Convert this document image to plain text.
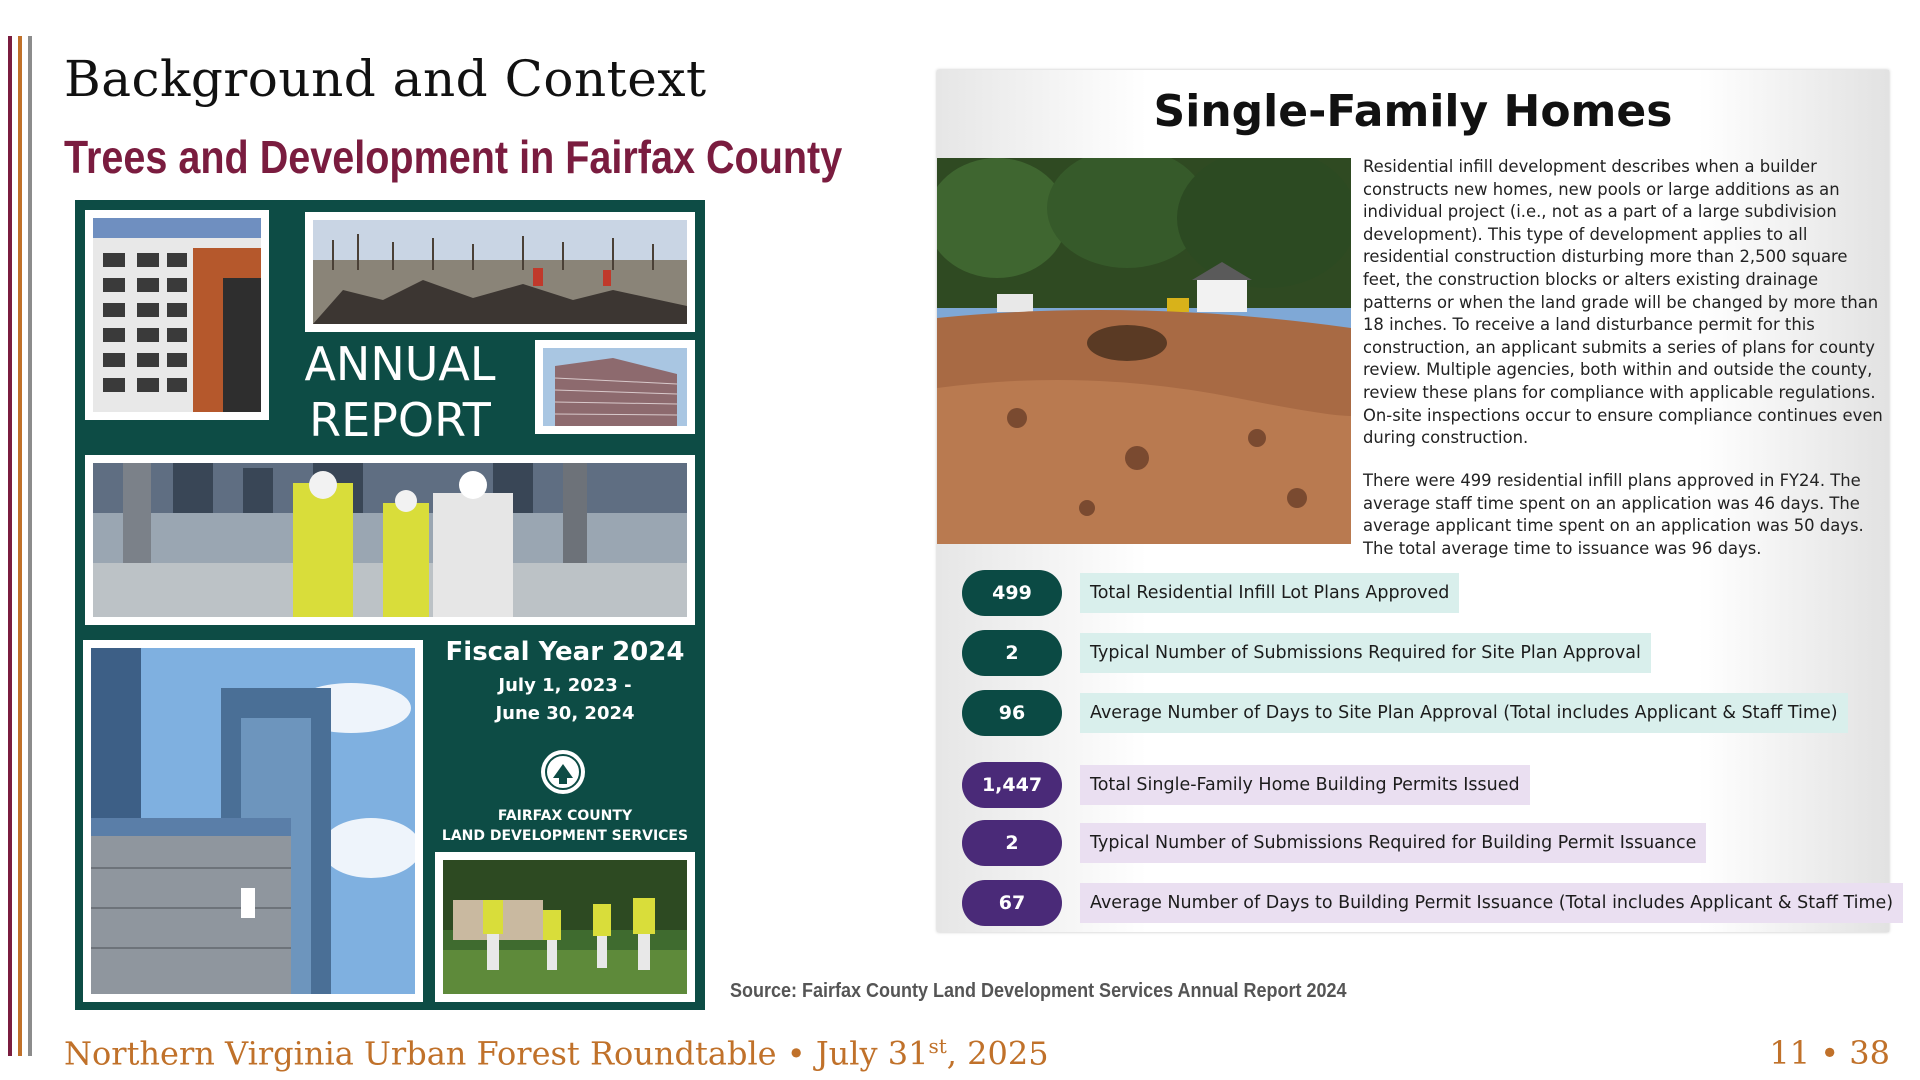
Background and Context
Trees and Development in Fairfax County
ANNUAL
REPORT
Fiscal Year 2024
July 1, 2023 -
June 30, 2024
FAIRFAX COUNTY
LAND DEVELOPMENT SERVICES
Single-Family Homes
Residential infill development describes when a builder constructs new homes, new pools or large additions as an individual project (i.e., not as a part of a large subdivision development). This type of development applies to all residential construction disturbing more than 2,500 square feet, the construction blocks or alters existing drainage patterns or when the land grade will be changed by more than 18 inches. To receive a land disturbance permit for this construction, an applicant submits a series of plans for county review. Multiple agencies, both within and outside the county, review these plans for compliance with applicable regulations. On-site inspections occur to ensure compliance continues even during construction.
There were 499 residential infill plans approved in FY24. The average staff time spent on an application was 46 days. The average applicant time spent on an application was 50 days. The total average time to issuance was 96 days.
499	Total Residential Infill Lot Plans Approved
2	Typical Number of Submissions Required for Site Plan Approval
96	Average Number of Days to Site Plan Approval (Total includes Applicant & Staff Time)
1,447	Total Single-Family Home Building Permits Issued
2	Typical Number of Submissions Required for Building Permit Issuance
67	Average Number of Days to Building Permit Issuance (Total includes Applicant & Staff Time)
Source: Fairfax County Land Development Services Annual Report 2024
Northern Virginia Urban Forest Roundtable • July 31st, 2025	11 • 38
